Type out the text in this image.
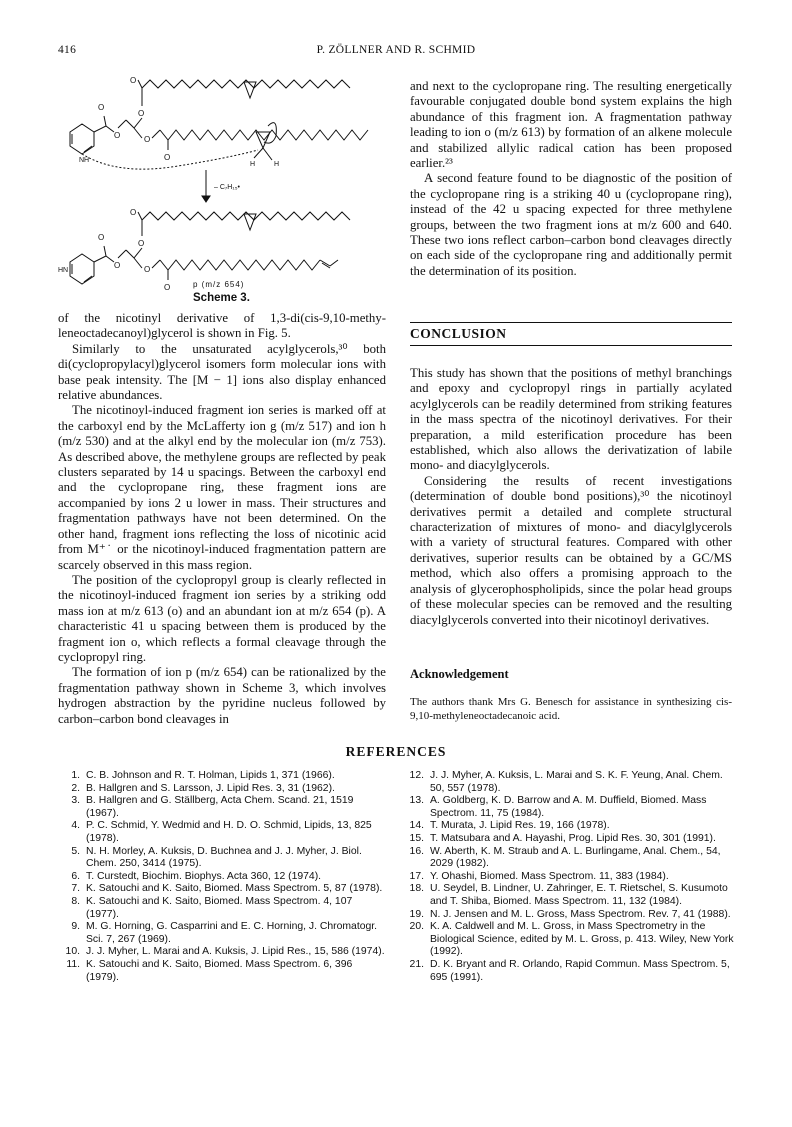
416	P. ZÖLLNER AND R. SCHMID
O
O
O
O
N
O
O
O
O
O
O
O
O
– C₇H₁₅•
H
H	H
HN
p (m/z 654)
Scheme 3.

of the nicotinyl derivative of 1,3-di(cis-9,10-methyleneoctadecanoyl)glycerol is shown in Fig. 5.

Similarly to the unsaturated acylglycerols,³⁰ both di(cyclopropylacyl)glycerol isomers form molecular ions with base peak intensity. The [M − 1] ions also display enhanced relative abundances.

The nicotinoyl-induced fragment ion series is marked off at the carboxyl end by the McLafferty ion g (m/z 517) and ion h (m/z 530) and at the alkyl end by the molecular ion (m/z 753). As described above, the methylene groups are reflected by peak clusters separated by 14 u spacings. Between the carboxyl end and the cyclopropane ring, these fragment ions are accompanied by ions 2 u lower in mass. Their structures and fragmentation pathways have not been determined. On the other hand, fragment ions reflecting the loss of nicotinic acid from M⁺˙ or the nicotinoyl-induced fragmentation pattern are scarcely observed in this mass region.

The position of the cyclopropyl group is clearly reflected in the nicotinoyl-induced fragment ion series by a striking odd mass ion at m/z 613 (o) and an abundant ion at m/z 654 (p). A characteristic 41 u spacing between them is produced by the fragment ion o, which reflects a formal cleavage through the cyclopropyl ring.

The formation of ion p (m/z 654) can be rationalized by the fragmentation pathway shown in Scheme 3, which involves hydrogen abstraction by the pyridine nucleus followed by carbon–carbon bond cleavages in

and next to the cyclopropane ring. The resulting energetically favourable conjugated double bond system explains the high abundance of this fragment ion. A fragmentation pathway leading to ion o (m/z 613) by formation of an alkene molecule and stabilized allylic radical cation has been proposed earlier.²³

A second feature found to be diagnostic of the position of the cyclopropane ring is a striking 40 u (cyclopropane ring), instead of the 42 u spacing expected for three methylene groups, between the two fragment ions at m/z 600 and 640. These two ions reflect carbon–carbon bond cleavages directly on each side of the cyclopropane ring and additionally permit the determination of its position.

CONCLUSION

This study has shown that the positions of methyl branchings and epoxy and cyclopropyl rings in partially acylated acylglycerols can be readily determined from striking features in the mass spectra of the nicotinoyl derivatives. For their preparation, a mild esterification procedure has been established, which also allows the derivatization of labile mono- and diacylglycerols.

Considering the results of recent investigations (determination of double bond positions),³⁰ the nicotinoyl derivatives permit a detailed and complete structural characterization of mixtures of mono- and diacylglycerols with a variety of structural features. Compared with other derivatives, superior results can be obtained by a GC/MS method, which also offers a promising approach to the analysis of glycerophospholipids, since the polar head groups of these molecular species can be removed and the resulting diacylglycerols converted into their nicotinoyl derivatives.

Acknowledgement
The authors thank Mrs G. Benesch for assistance in synthesizing cis-9,10-methyleneoctadecanoic acid.
REFERENCES

1. C. B. Johnson and R. T. Holman, Lipids 1, 371 (1966).

2. B. Hallgren and S. Larsson, J. Lipid Res. 3, 31 (1962).

3. B. Hallgren and G. Ställberg, Acta Chem. Scand. 21, 1519 (1967).

4. P. C. Schmid, Y. Wedmid and H. D. O. Schmid, Lipids, 13, 825 (1978).

5. N. H. Morley, A. Kuksis, D. Buchnea and J. J. Myher, J. Biol. Chem. 250, 3414 (1975).

6. T. Curstedt, Biochim. Biophys. Acta 360, 12 (1974).

7. K. Satouchi and K. Saito, Biomed. Mass Spectrom. 5, 87 (1978).

8. K. Satouchi and K. Saito, Biomed. Mass Spectrom. 4, 107 (1977).

9. M. G. Horning, G. Casparrini and E. C. Horning, J. Chromatogr. Sci. 7, 267 (1969).

10. J. J. Myher, L. Marai and A. Kuksis, J. Lipid Res., 15, 586 (1974).

11. K. Satouchi and K. Saito, Biomed. Mass Spectrom. 6, 396 (1979).

12. J. J. Myher, A. Kuksis, L. Marai and S. K. F. Yeung, Anal. Chem. 50, 557 (1978).

13. A. Goldberg, K. D. Barrow and A. M. Duffield, Biomed. Mass Spectrom. 11, 75 (1984).

14. T. Murata, J. Lipid Res. 19, 166 (1978).

15. T. Matsubara and A. Hayashi, Prog. Lipid Res. 30, 301 (1991).

16. W. Aberth, K. M. Straub and A. L. Burlingame, Anal. Chem., 54, 2029 (1982).

17. Y. Ohashi, Biomed. Mass Spectrom. 11, 383 (1984).

18. U. Seydel, B. Lindner, U. Zahringer, E. T. Rietschel, S. Kusumoto and T. Shiba, Biomed. Mass Spectrom. 11, 132 (1984).

19. N. J. Jensen and M. L. Gross, Mass Spectrom. Rev. 7, 41 (1988).

20. K. A. Caldwell and M. L. Gross, in Mass Spectrometry in the Biological Science, edited by M. L. Gross, p. 413. Wiley, New York (1992).

21. D. K. Bryant and R. Orlando, Rapid Commun. Mass Spectrom. 5, 695 (1991).
